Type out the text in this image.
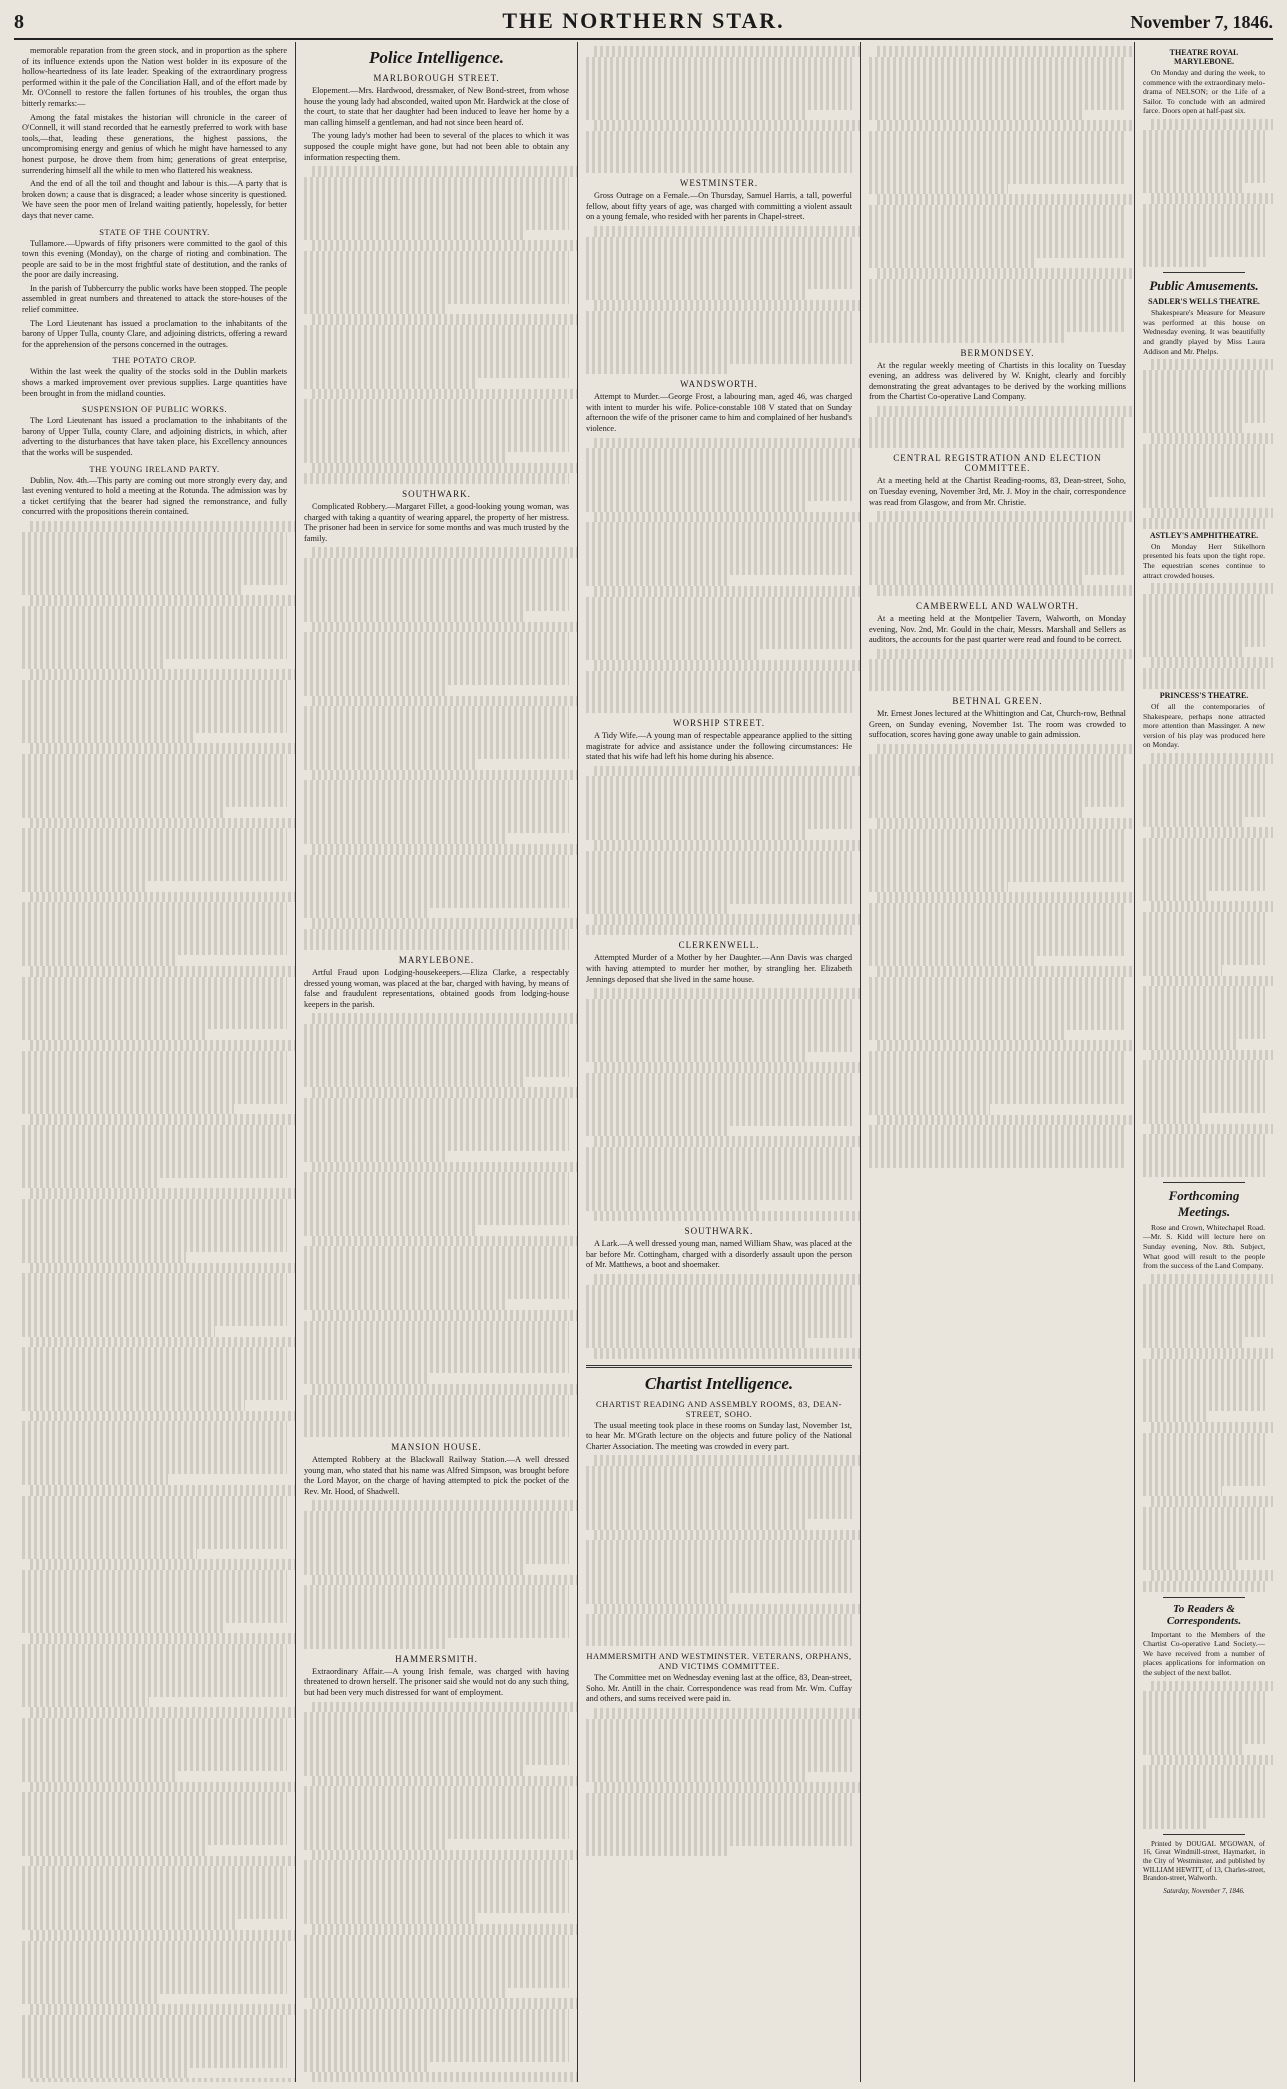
8	THE NORTHERN STAR.	November 7, 1846.

memorable reparation from the green stock, and in proportion as the sphere of its influence extends upon the Nation west bolder in its exposure of the hollow-heartedness of its late leader. Speaking of the extraordinary progress performed within it the pale of the Conciliation Hall, and of the effort made by Mr. O'Connell to restore the fallen fortunes of his troubles, the organ thus bitterly remarks:—

Among the fatal mistakes the historian will chronicle in the career of O'Connell, it will stand recorded that he earnestly preferred to work with base tools,—that, leading these generations, the highest passions, the uncompromising energy and genius of which he might have harnessed to any honest purpose, he drove them from him; generations of great enterprise, surrendering himself all the while to men who flattered his weakness.

And the end of all the toil and thought and labour is this.—A party that is broken down; a cause that is disgraced; a leader whose sincerity is questioned. We have seen the poor men of Ireland waiting patiently, hopelessly, for better days that never came.

STATE OF THE COUNTRY.

Tullamore.—Upwards of fifty prisoners were committed to the gaol of this town this evening (Monday), on the charge of rioting and combination. The people are said to be in the most frightful state of destitution, and the ranks of the poor are daily increasing.

In the parish of Tubbercurry the public works have been stopped. The people assembled in great numbers and threatened to attack the store-houses of the relief committee.

The Lord Lieutenant has issued a proclamation to the inhabitants of the barony of Upper Tulla, county Clare, and adjoining districts, offering a reward for the apprehension of the persons concerned in the outrages.

THE POTATO CROP.

Within the last week the quality of the stocks sold in the Dublin markets shows a marked improvement over previous supplies. Large quantities have been brought in from the midland counties.

SUSPENSION OF PUBLIC WORKS.

The Lord Lieutenant has issued a proclamation to the inhabitants of the barony of Upper Tulla, county Clare, and adjoining districts, in which, after adverting to the disturbances that have taken place, his Excellency announces that the works will be suspended.

THE YOUNG IRELAND PARTY.

Dublin, Nov. 4th.—This party are coming out more strongly every day, and last evening ventured to hold a meeting at the Rotunda. The admission was by a ticket certifying that the bearer had signed the remonstrance, and fully concurred with the propositions therein contained.

Police Intelligence.
MARLBOROUGH STREET.

Elopement.—Mrs. Hardwood, dressmaker, of New Bond-street, from whose house the young lady had absconded, waited upon Mr. Hardwick at the close of the court, to state that her daughter had been induced to leave her home by a man calling himself a gentleman, and had not since been heard of.

The young lady's mother had been to several of the places to which it was supposed the couple might have gone, but had not been able to obtain any information respecting them.

SOUTHWARK.

Complicated Robbery.—Margaret Fillet, a good-looking young woman, was charged with taking a quantity of wearing apparel, the property of her mistress. The prisoner had been in service for some months and was much trusted by the family.

MARYLEBONE.

Artful Fraud upon Lodging-housekeepers.—Eliza Clarke, a respectably dressed young woman, was placed at the bar, charged with having, by means of false and fraudulent representations, obtained goods from lodging-house keepers in the parish.

MANSION HOUSE.

Attempted Robbery at the Blackwall Railway Station.—A well dressed young man, who stated that his name was Alfred Simpson, was brought before the Lord Mayor, on the charge of having attempted to pick the pocket of the Rev. Mr. Hood, of Shadwell.

HAMMERSMITH.

Extraordinary Affair.—A young Irish female, was charged with having threatened to drown herself. The prisoner said she would not do any such thing, but had been very much distressed for want of employment.

WESTMINSTER.

Gross Outrage on a Female.—On Thursday, Samuel Harris, a tall, powerful fellow, about fifty years of age, was charged with committing a violent assault on a young female, who resided with her parents in Chapel-street.

WANDSWORTH.

Attempt to Murder.—George Frost, a labouring man, aged 46, was charged with intent to murder his wife. Police-constable 108 V stated that on Sunday afternoon the wife of the prisoner came to him and complained of her husband's violence.

WORSHIP STREET.

A Tidy Wife.—A young man of respectable appearance applied to the sitting magistrate for advice and assistance under the following circumstances: He stated that his wife had left his home during his absence.

CLERKENWELL.

Attempted Murder of a Mother by her Daughter.—Ann Davis was charged with having attempted to murder her mother, by strangling her. Elizabeth Jennings deposed that she lived in the same house.

SOUTHWARK.

A Lark.—A well dressed young man, named William Shaw, was placed at the bar before Mr. Cottingham, charged with a disorderly assault upon the person of Mr. Matthews, a boot and shoemaker.

Chartist Intelligence.
CHARTIST READING AND ASSEMBLY ROOMS, 83, DEAN-STREET, SOHO.

The usual meeting took place in these rooms on Sunday last, November 1st, to hear Mr. M'Grath lecture on the objects and future policy of the National Charter Association. The meeting was crowded in every part.

HAMMERSMITH AND WESTMINSTER. VETERANS, ORPHANS, AND VICTIMS COMMITTEE.

The Committee met on Wednesday evening last at the office, 83, Dean-street, Soho. Mr. Antill in the chair. Correspondence was read from Mr. Wm. Cuffay and others, and sums received were paid in.

BERMONDSEY.

At the regular weekly meeting of Chartists in this locality on Tuesday evening, an address was delivered by W. Knight, clearly and forcibly demonstrating the great advantages to be derived by the working millions from the Chartist Co-operative Land Company.

CENTRAL REGISTRATION AND ELECTION COMMITTEE.

At a meeting held at the Chartist Reading-rooms, 83, Dean-street, Soho, on Tuesday evening, November 3rd, Mr. J. Moy in the chair, correspondence was read from Glasgow, and from Mr. Christie.

CAMBERWELL AND WALWORTH.

At a meeting held at the Montpelier Tavern, Walworth, on Monday evening, Nov. 2nd, Mr. Gould in the chair, Messrs. Marshall and Sellers as auditors, the accounts for the past quarter were read and found to be correct.

BETHNAL GREEN.

Mr. Ernest Jones lectured at the Whittington and Cat, Church-row, Bethnal Green, on Sunday evening, November 1st. The room was crowded to suffocation, scores having gone away unable to gain admission.

THEATRE ROYAL MARYLEBONE.

On Monday and during the week, to commence with the extraordinary melo-drama of NELSON; or the Life of a Sailor. To conclude with an admired farce. Doors open at half-past six.

Public Amusements.
SADLER'S WELLS THEATRE.

Shakespeare's Measure for Measure was performed at this house on Wednesday evening. It was beautifully and grandly played by Miss Laura Addison and Mr. Phelps.

ASTLEY'S AMPHITHEATRE.

On Monday Herr Stikelhorn presented his feats upon the tight rope. The equestrian scenes continue to attract crowded houses.

PRINCESS'S THEATRE.

Of all the contemporaries of Shakespeare, perhaps none attracted more attention than Massinger. A new version of his play was produced here on Monday.

Forthcoming Meetings.

Rose and Crown, Whitechapel Road.—Mr. S. Kidd will lecture here on Sunday evening, Nov. 8th. Subject, What good will result to the people from the success of the Land Company.

To Readers & Correspondents.

Important to the Members of the Chartist Co-operative Land Society.—We have received from a number of places applications for information on the subject of the next ballot.

Printed by DOUGAL M'GOWAN, of 16, Great Windmill-street, Haymarket, in the City of Westminster, and published by WILLIAM HEWITT, of 13, Charles-street, Brandon-street, Walworth.

Saturday, November 7, 1846.
